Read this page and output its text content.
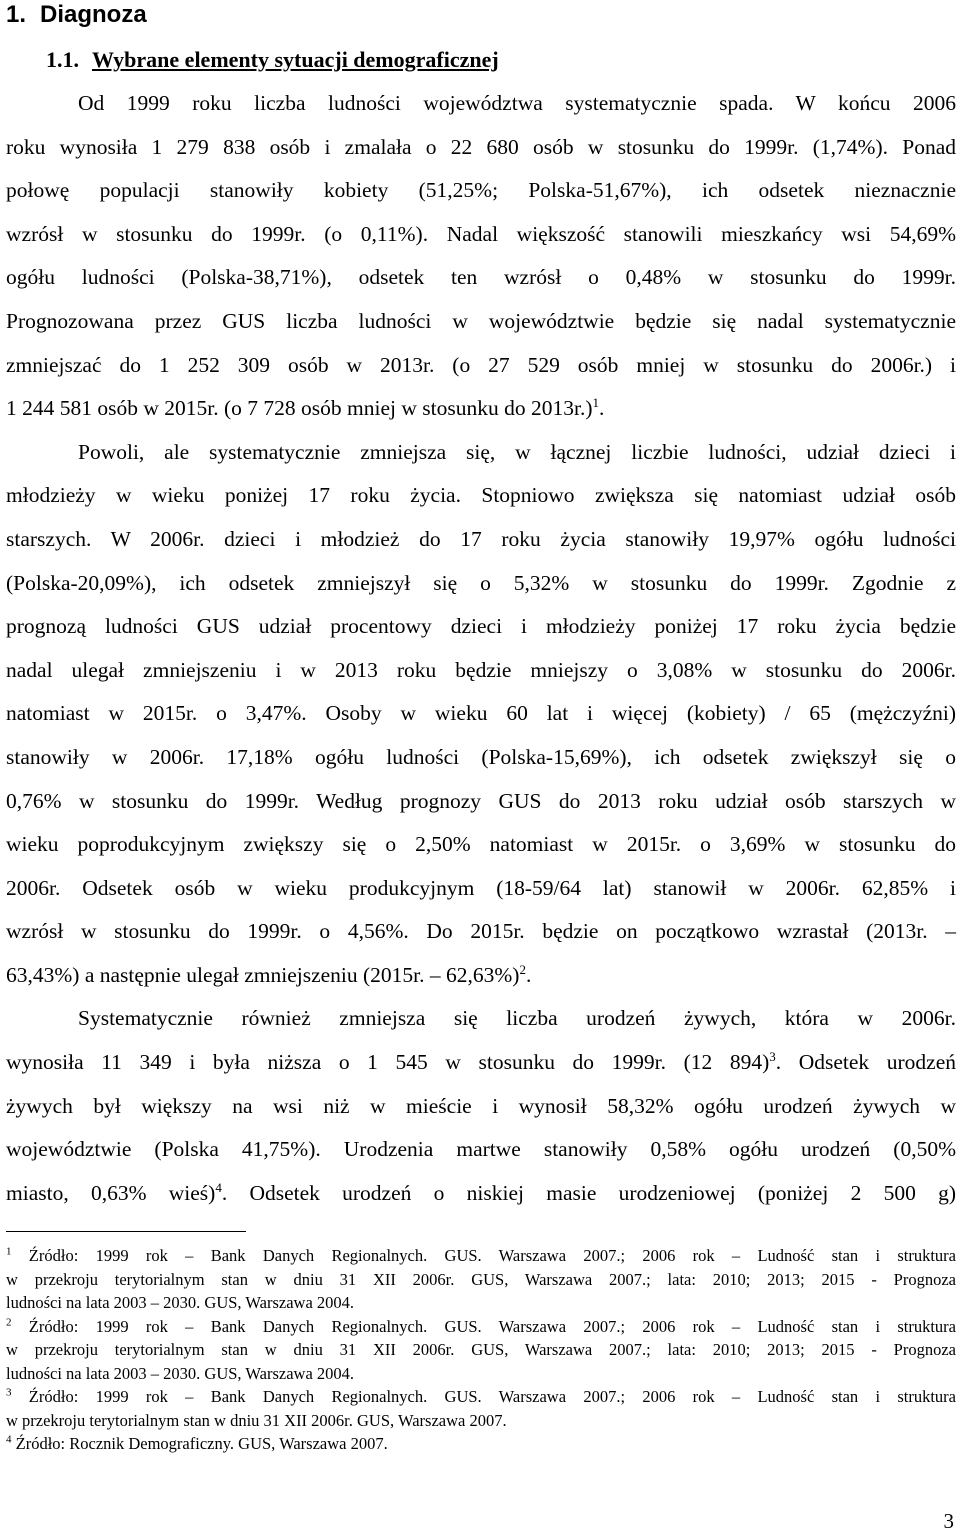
1. Diagnoza
1.1. Wybrane elementy sytuacji demograficznej
Od 1999 roku liczba ludności województwa systematycznie spada. W końcu 2006
roku wynosiła 1 279 838 osób i zmalała o 22 680 osób w stosunku do 1999r. (1,74%). Ponad
połowę populacji stanowiły kobiety (51,25%; Polska-51,67%), ich odsetek nieznacznie
wzrósł w stosunku do 1999r. (o 0,11%). Nadal większość stanowili mieszkańcy wsi 54,69%
ogółu ludności (Polska-38,71%), odsetek ten wzrósł o 0,48% w stosunku do 1999r.
Prognozowana przez GUS liczba ludności w województwie będzie się nadal systematycznie
zmniejszać do 1 252 309 osób w 2013r. (o 27 529 osób mniej w stosunku do 2006r.) i
1 244 581 osób w 2015r. (o 7 728 osób mniej w stosunku do 2013r.)$^1$.
Powoli, ale systematycznie zmniejsza się, w łącznej liczbie ludności, udział dzieci i
młodzieży w wieku poniżej 17 roku życia. Stopniowo zwiększa się natomiast udział osób
starszych. W 2006r. dzieci i młodzież do 17 roku życia stanowiły 19,97% ogółu ludności
(Polska-20,09%), ich odsetek zmniejszył się o 5,32% w stosunku do 1999r. Zgodnie z
prognozą ludności GUS udział procentowy dzieci i młodzieży poniżej 17 roku życia będzie
nadal ulegał zmniejszeniu i w 2013 roku będzie mniejszy o 3,08% w stosunku do 2006r.
natomiast w 2015r. o 3,47%. Osoby w wieku 60 lat i więcej (kobiety) / 65 (mężczyźni)
stanowiły w 2006r. 17,18% ogółu ludności (Polska-15,69%), ich odsetek zwiększył się o
0,76% w stosunku do 1999r. Według prognozy GUS do 2013 roku udział osób starszych w
wieku poprodukcyjnym zwiększy się o 2,50% natomiast w 2015r. o 3,69% w stosunku do
2006r. Odsetek osób w wieku produkcyjnym (18-59/64 lat) stanowił w 2006r. 62,85% i
wzrósł w stosunku do 1999r. o 4,56%. Do 2015r. będzie on początkowo wzrastał (2013r. –
63,43%) a następnie ulegał zmniejszeniu (2015r. – 62,63%)$^2$.
Systematycznie również zmniejsza się liczba urodzeń żywych, która w 2006r.
wynosiła 11 349 i była niższa o 1 545 w stosunku do 1999r. (12 894)$^3$. Odsetek urodzeń
żywych był większy na wsi niż w mieście i wynosił 58,32% ogółu urodzeń żywych w
województwie (Polska 41,75%). Urodzenia martwe stanowiły 0,58% ogółu urodzeń (0,50%
miasto, 0,63% wieś)$^4$. Odsetek urodzeń o niskiej masie urodzeniowej (poniżej 2 500 g)
$^1$ Źródło: 1999 rok – Bank Danych Regionalnych. GUS. Warszawa 2007.; 2006 rok – Ludność stan i struktura
w przekroju terytorialnym stan w dniu 31 XII 2006r. GUS, Warszawa 2007.; lata: 2010; 2013; 2015 - Prognoza
ludności na lata 2003 – 2030. GUS, Warszawa 2004.
$^2$ Źródło: 1999 rok – Bank Danych Regionalnych. GUS. Warszawa 2007.; 2006 rok – Ludność stan i struktura
w przekroju terytorialnym stan w dniu 31 XII 2006r. GUS, Warszawa 2007.; lata: 2010; 2013; 2015 - Prognoza
ludności na lata 2003 – 2030. GUS, Warszawa 2004.
$^3$ Źródło: 1999 rok – Bank Danych Regionalnych. GUS. Warszawa 2007.; 2006 rok – Ludność stan i struktura
w przekroju terytorialnym stan w dniu 31 XII 2006r. GUS, Warszawa 2007.
$^4$ Źródło: Rocznik Demograficzny. GUS, Warszawa 2007.
3
